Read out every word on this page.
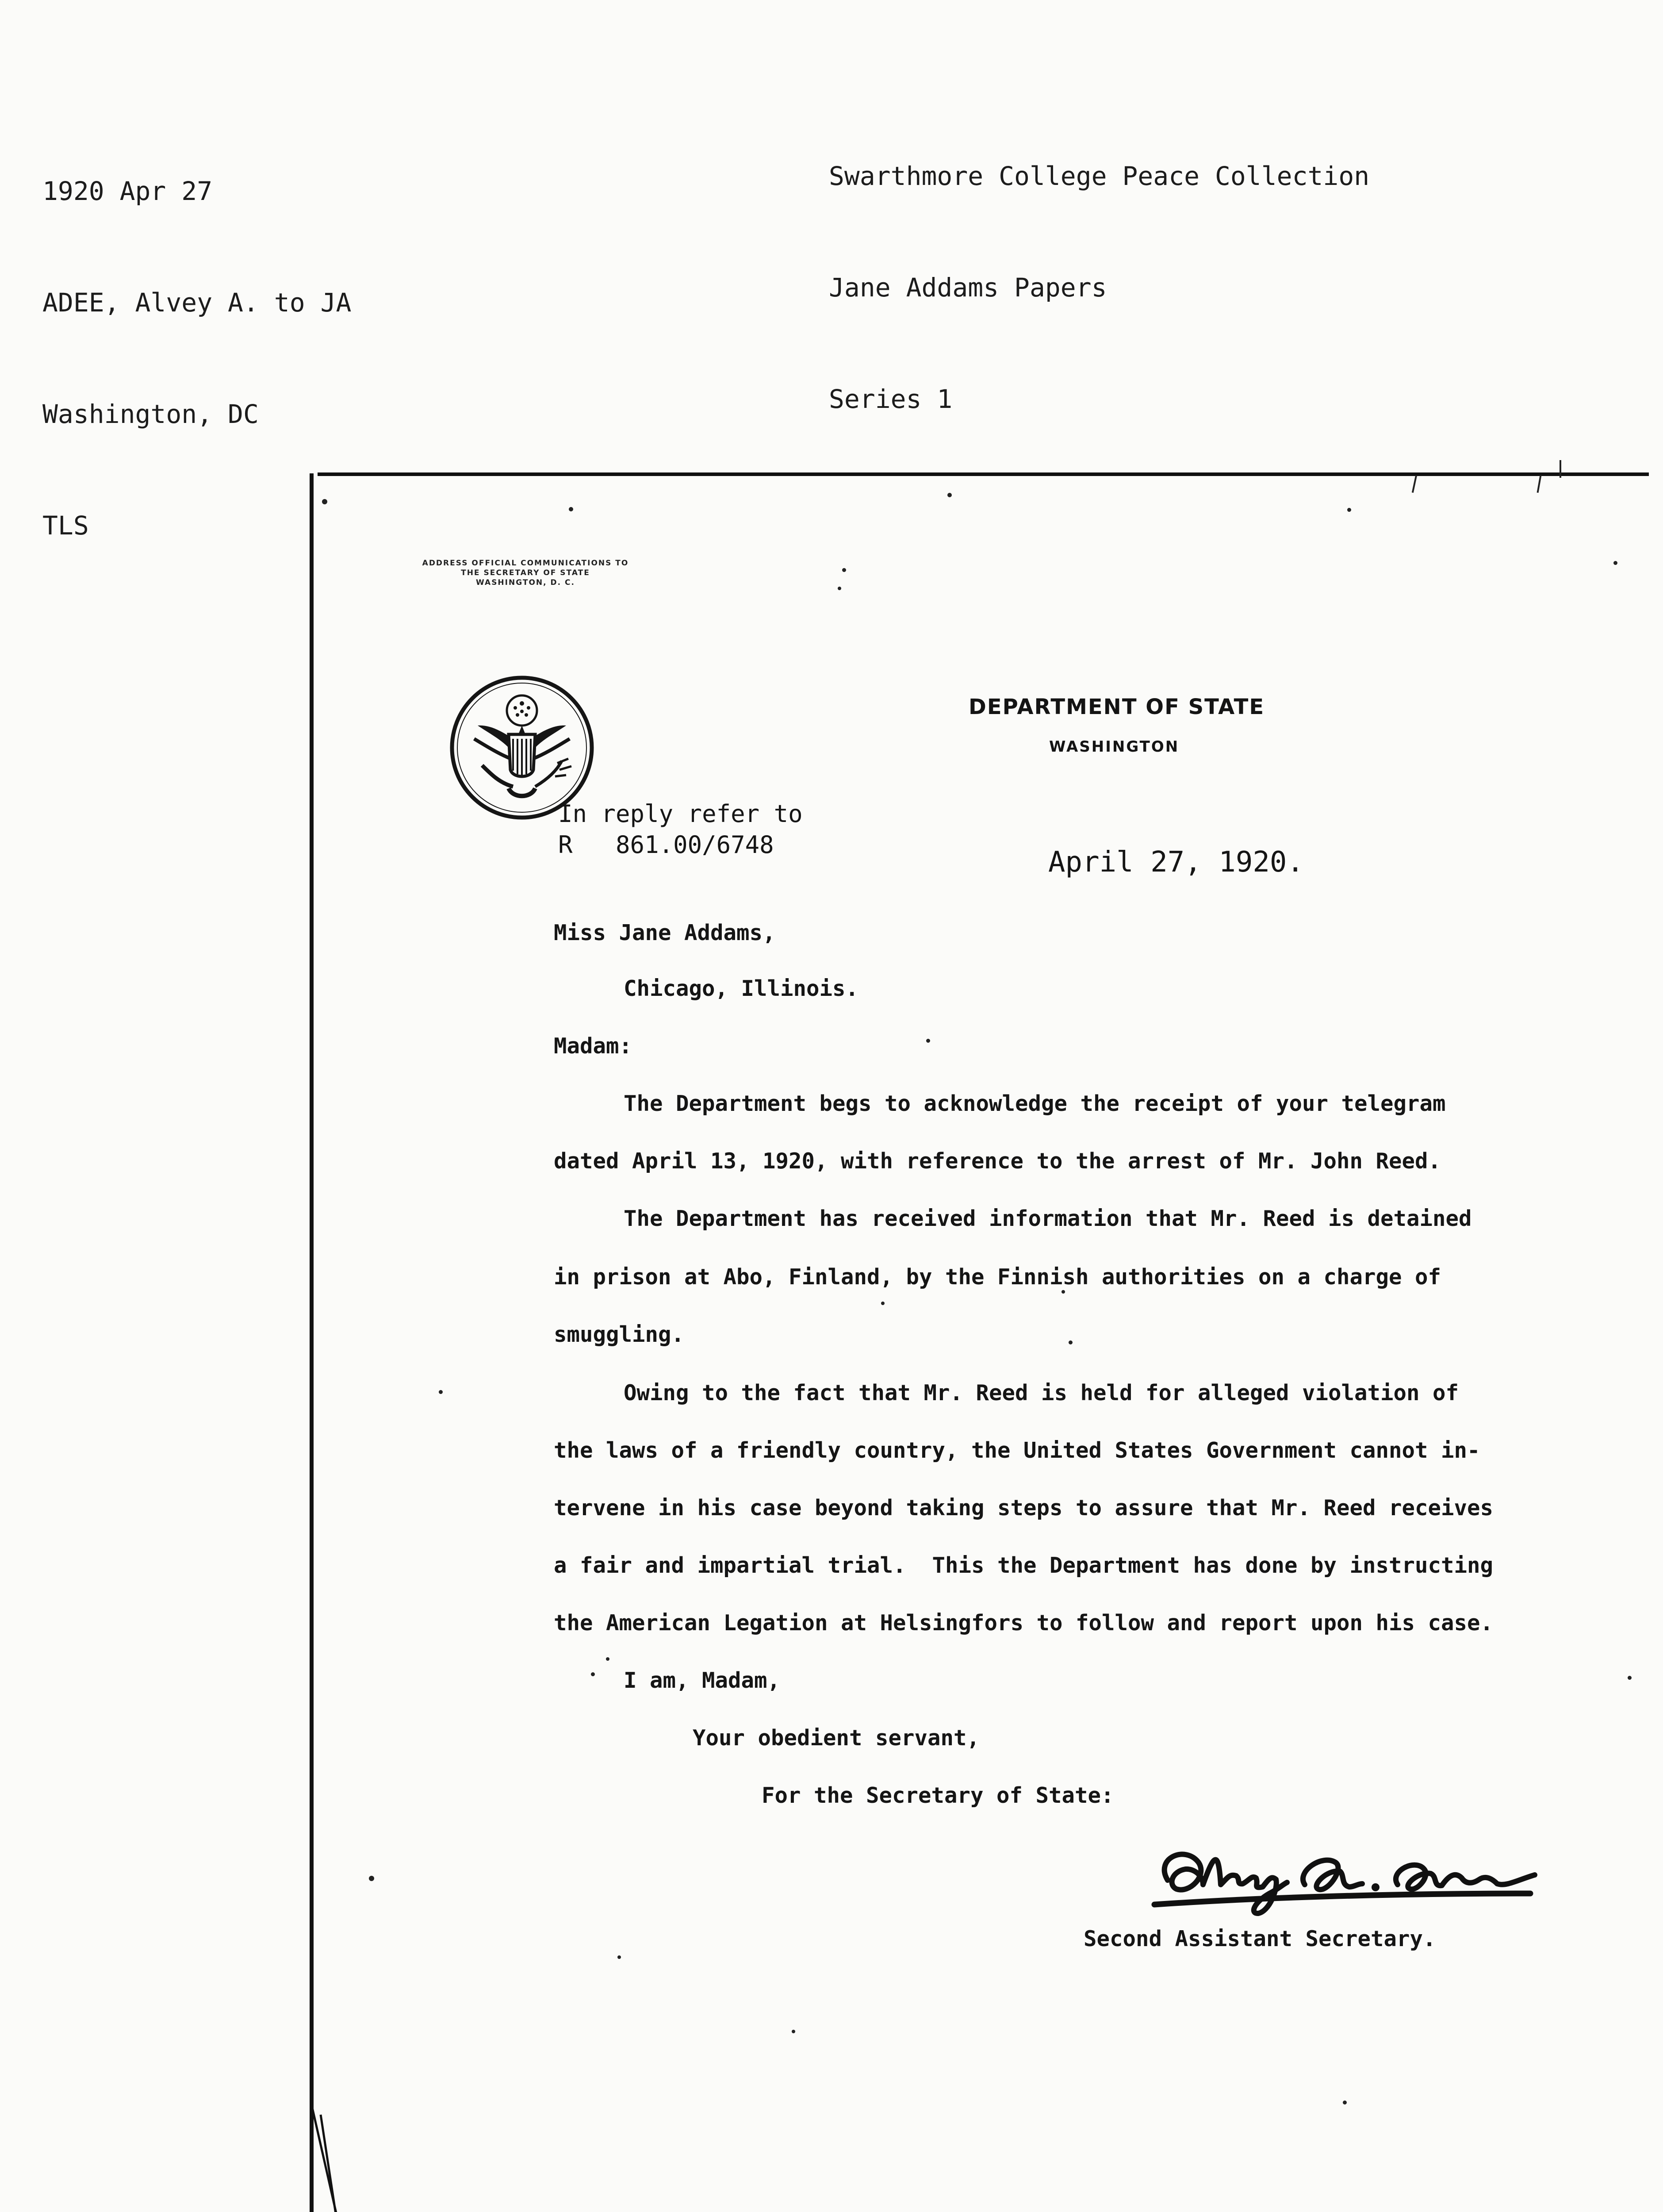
1920 Apr 27

ADEE, Alvey A. to JA

Washington, DC

TLS

Swarthmore College Peace Collection

Jane Addams Papers

Series 1

ADDRESS OFFICIAL COMMUNICATIONS TO
THE SECRETARY OF STATE
WASHINGTON, D. C.
DEPARTMENT OF STATE
WASHINGTON
In reply refer to
R   861.00/6748
April 27, 1920.
Miss Jane Addams,
Chicago, Illinois.
Madam:
The Department begs to acknowledge the receipt of your telegram
dated April 13, 1920, with reference to the arrest of Mr. John Reed.
The Department has received information that Mr. Reed is detained
in prison at Abo, Finland, by the Finnish authorities on a charge of
smuggling.
Owing to the fact that Mr. Reed is held for alleged violation of
the laws of a friendly country, the United States Government cannot in-
tervene in his case beyond taking steps to assure that Mr. Reed receives
a fair and impartial trial.  This the Department has done by instructing
the American Legation at Helsingfors to follow and report upon his case.
I am, Madam,
Your obedient servant,
For the Secretary of State:
Second Assistant Secretary.
